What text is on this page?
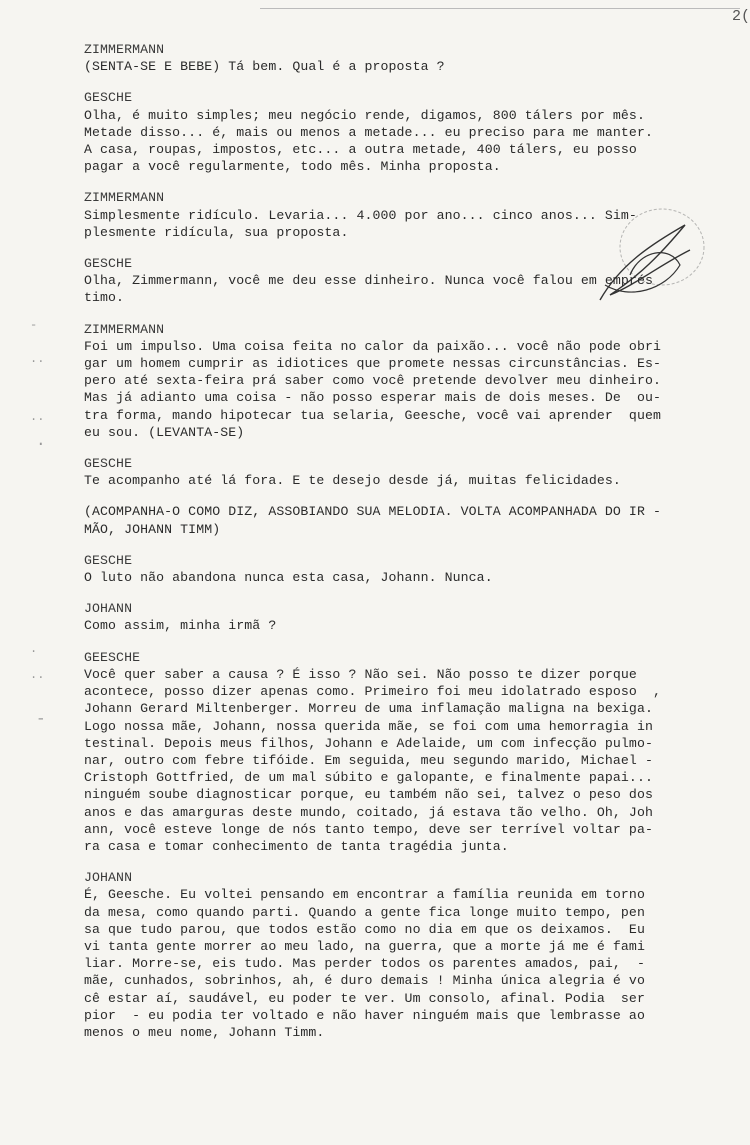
2(
-
..
..
.
.
..
-
ZIMMERMANN
(SENTA-SE E BEBE) Tá bem. Qual é a proposta ?
GESCHE
Olha, é muito simples; meu negócio rende, digamos, 800 tálers por mês.
Metade disso... é, mais ou menos a metade... eu preciso para me manter.
A casa, roupas, impostos, etc... a outra metade, 400 tálers, eu posso
pagar a você regularmente, todo mês. Minha proposta.
ZIMMERMANN
Simplesmente ridículo. Levaria... 4.000 por ano... cinco anos... Sim-
plesmente ridícula, sua proposta.
GESCHE
Olha, Zimmermann, você me deu esse dinheiro. Nunca você falou em emprés
timo.
ZIMMERMANN
Foi um impulso. Uma coisa feita no calor da paixão... você não pode obri
gar um homem cumprir as idiotices que promete nessas circunstâncias. Es-
pero até sexta-feira prá saber como você pretende devolver meu dinheiro.
Mas já adianto uma coisa - não posso esperar mais de dois meses. De  ou-
tra forma, mando hipotecar tua selaria, Geesche, você vai aprender  quem
eu sou. (LEVANTA-SE)
GESCHE
Te acompanho até lá fora. E te desejo desde já, muitas felicidades.
(ACOMPANHA-O COMO DIZ, ASSOBIANDO SUA MELODIA. VOLTA ACOMPANHADA DO IR -
MÃO, JOHANN TIMM)
GESCHE
O luto não abandona nunca esta casa, Johann. Nunca.
JOHANN
Como assim, minha irmã ?
GEESCHE
Você quer saber a causa ? É isso ? Não sei. Não posso te dizer porque
acontece, posso dizer apenas como. Primeiro foi meu idolatrado esposo  ,
Johann Gerard Miltenberger. Morreu de uma inflamação maligna na bexiga.
Logo nossa mãe, Johann, nossa querida mãe, se foi com uma hemorragia in
testinal. Depois meus filhos, Johann e Adelaide, um com infecção pulmo-
nar, outro com febre tifóide. Em seguida, meu segundo marido, Michael -
Cristoph Gottfried, de um mal súbito e galopante, e finalmente papai...
ninguém soube diagnosticar porque, eu também não sei, talvez o peso dos
anos e das amarguras deste mundo, coitado, já estava tão velho. Oh, Joh
ann, você esteve longe de nós tanto tempo, deve ser terrível voltar pa-
ra casa e tomar conhecimento de tanta tragédia junta.
JOHANN
É, Geesche. Eu voltei pensando em encontrar a família reunida em torno
da mesa, como quando parti. Quando a gente fica longe muito tempo, pen
sa que tudo parou, que todos estão como no dia em que os deixamos.  Eu
vi tanta gente morrer ao meu lado, na guerra, que a morte já me é fami
liar. Morre-se, eis tudo. Mas perder todos os parentes amados, pai,  -
mãe, cunhados, sobrinhos, ah, é duro demais ! Minha única alegria é vo
cê estar aí, saudável, eu poder te ver. Um consolo, afinal. Podia  ser
pior  - eu podia ter voltado e não haver ninguém mais que lembrasse ao
menos o meu nome, Johann Timm.
